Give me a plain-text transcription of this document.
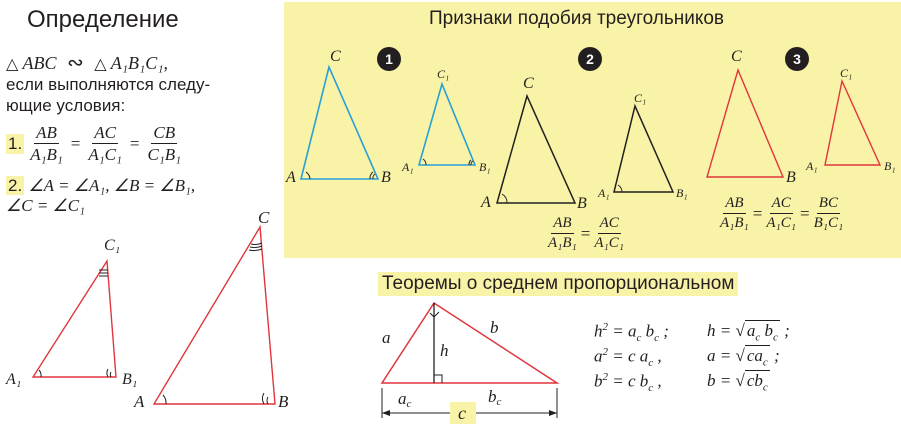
Определение
△ ABC ∾ △ A₁B₁C₁,
если выполняются следу-
ющие условия:
1. $\frac{AB}{\text{A₁B₁}} = \frac{AC}{\text{A₁C₁}} = \frac{CB}{\text{C₁B₁}}$
2. ∠A = ∠A₁, ∠B = ∠B₁,
∠C = ∠C₁
Признаки подобия треугольников
1	2	3
$\frac{AB}{\text{A₁B₁}} = \frac{AC}{\text{A₁C₁}}$
$\frac{AB}{\text{A₁B₁}} = \frac{AC}{\text{A₁C₁}} = \frac{BC}{\text{B₁C₁}}$
Теоремы о среднем пропорциональном
$h^2 = a_c$ $b_c$ ; h = √ $a_c$ $b_c$ ;
$a^2 = c$ $a_c$ ,	a = √ $ca_c$ ;
$b^2 = c$ $b_c$ ,	b = √ $cb_c$
A₁	B₁
C₁
A	B
C
A	B
C
A₁	B₁
C₁
A	B
C
A₁	B₁
C₁
B
C
A₁	B₁
C₁
a
b
h
ac	bc
c
